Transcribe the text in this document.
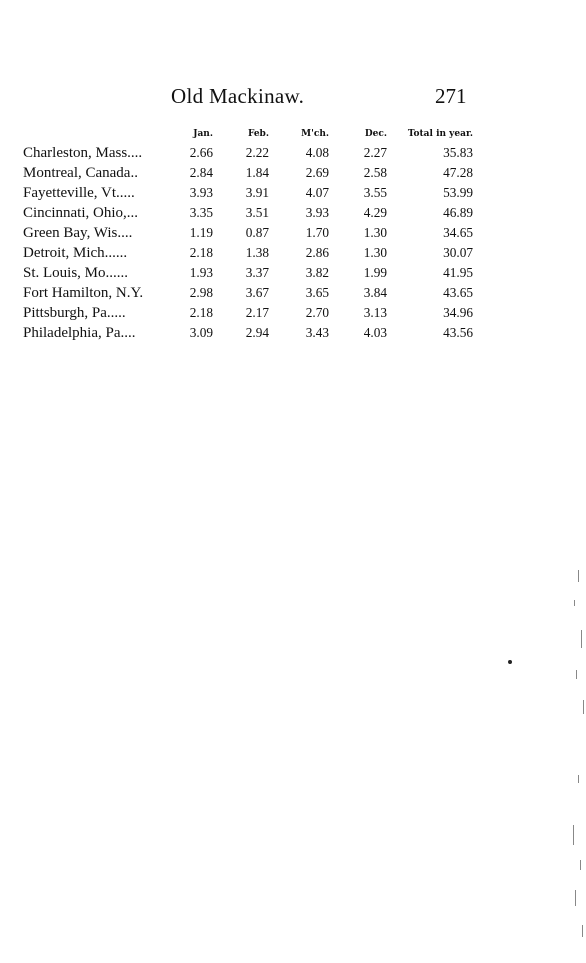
Old Mackinaw.	271
	Jan.	Feb.	M'ch.	Dec.	Total in year.
Charleston, Mass....	2.66	2.22	4.08	2.27	35.83
Montreal, Canada..	2.84	1.84	2.69	2.58	47.28
Fayetteville, Vt.....	3.93	3.91	4.07	3.55	53.99
Cincinnati, Ohio,...	3.35	3.51	3.93	4.29	46.89
Green Bay, Wis....	1.19	0.87	1.70	1.30	34.65
Detroit, Mich......	2.18	1.38	2.86	1.30	30.07
St. Louis, Mo......	1.93	3.37	3.82	1.99	41.95
Fort Hamilton, N.Y.	2.98	3.67	3.65	3.84	43.65
Pittsburgh, Pa.....	2.18	2.17	2.70	3.13	34.96
Philadelphia, Pa....	3.09	2.94	3.43	4.03	43.56
